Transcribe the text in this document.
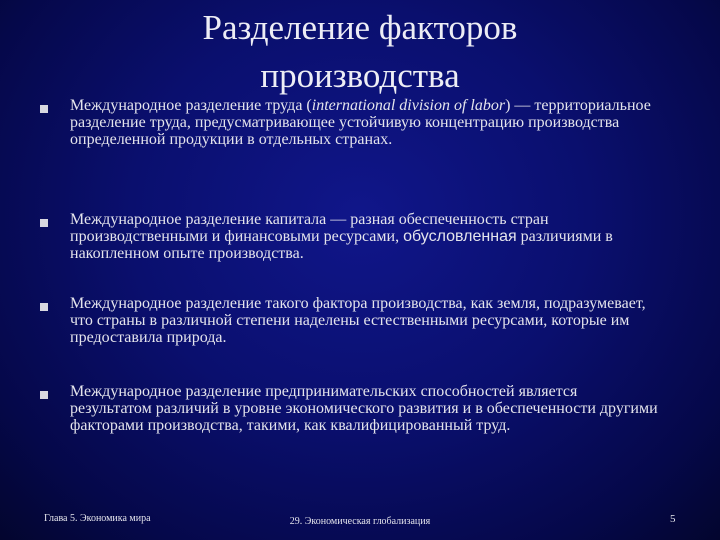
Разделение факторов производства
Международное разделение труда (international division of labor) — территориальное разделение труда, предусматривающее устойчивую концентрацию производства определенной продукции в отдельных странах.
Международное разделение капитала — разная обеспеченность стран производственными и финансовыми ресурсами, обусловленная различиями в накопленном опыте производства.
Международное разделение такого фактора производства, как земля, подразумевает, что страны в различной степени наделены естественными ресурсами, которые им предоставила природа.
Международное разделение предпринимательских способностей является результатом различий в уровне экономического развития и в обеспеченности другими факторами производства, такими, как квалифицированный труд.
Глава 5. Экономика мира	29. Экономическая глобализация	5
